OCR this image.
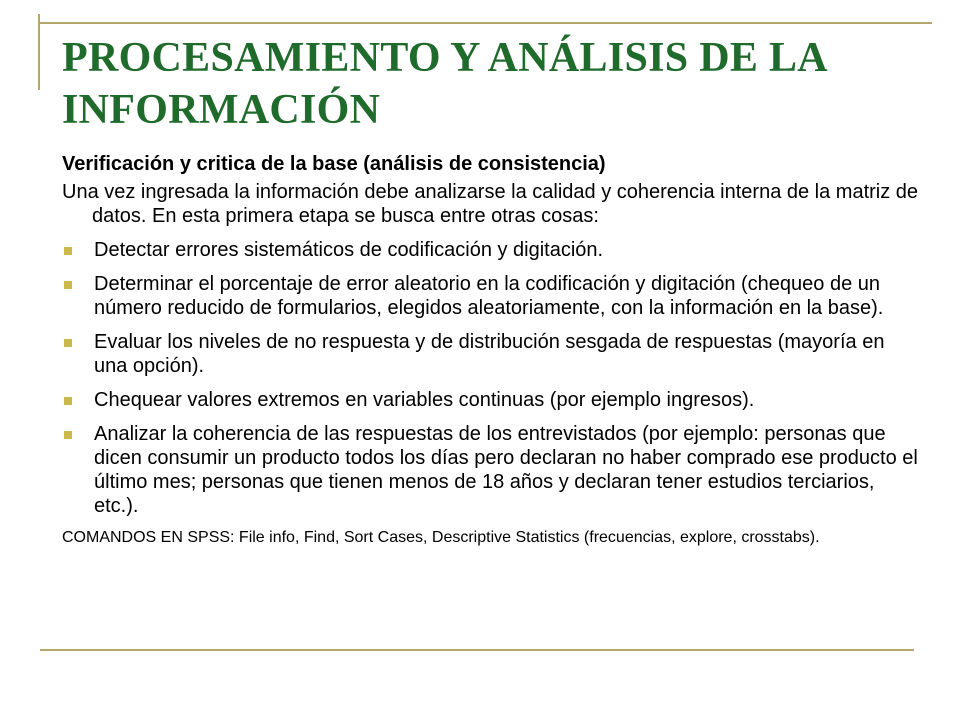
PROCESAMIENTO Y ANÁLISIS DE LA INFORMACIÓN

Verificación y critica de la base (análisis de consistencia)

Una vez ingresada la información debe analizarse la calidad y coherencia interna de la matriz de datos. En esta primera etapa se busca entre otras cosas:

Detectar errores sistemáticos de codificación y digitación.
Determinar el porcentaje de error aleatorio en la codificación y digitación (chequeo de un número reducido de formularios, elegidos aleatoriamente, con la información en la base).
Evaluar los niveles de no respuesta y de distribución sesgada de respuestas (mayoría en una opción).
Chequear valores extremos en variables continuas (por ejemplo ingresos).
Analizar la coherencia de las respuestas de los entrevistados (por ejemplo: personas que dicen consumir un producto todos los días pero declaran no haber comprado ese producto el último mes; personas que tienen menos de 18 años y declaran tener estudios terciarios, etc.).

COMANDOS EN SPSS: File info, Find, Sort Cases, Descriptive Statistics (frecuencias, explore, crosstabs).
